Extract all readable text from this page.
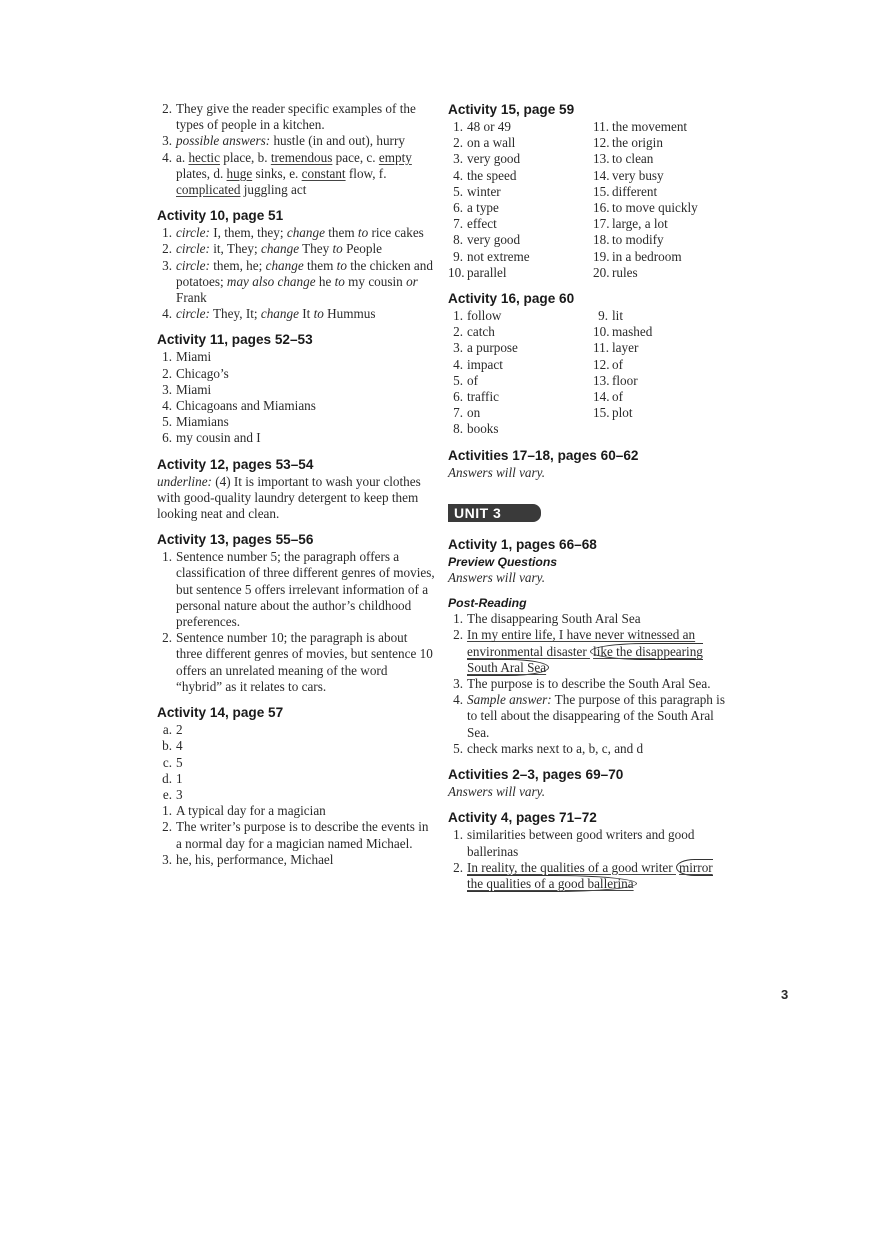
2. They give the reader specific examples of the types of people in a kitchen.
3. possible answers: hustle (in and out), hurry
4. a. hectic place, b. tremendous pace, c. empty plates, d. huge sinks, e. constant flow, f. complicated juggling act
Activity 10, page 51
1. circle: I, them, they; change them to rice cakes
2. circle: it, They; change They to People
3. circle: them, he; change them to the chicken and potatoes; may also change he to my cousin or Frank
4. circle: They, It; change It to Hummus
Activity 11, pages 52–53
1. Miami
2. Chicago’s
3. Miami
4. Chicagoans and Miamians
5. Miamians
6. my cousin and I
Activity 12, pages 53–54

underline: (4) It is important to wash your clothes with good-quality laundry detergent to keep them looking neat and clean.

Activity 13, pages 55–56
1. Sentence number 5; the paragraph offers a classification of three different genres of movies, but sentence 5 offers irrelevant information of a personal nature about the author’s childhood preferences.
2. Sentence number 10; the paragraph is about three different genres of movies, but sentence 10 offers an unrelated meaning of the word “hybrid” as it relates to cars.
Activity 14, page 57
a. 2
b. 4
c. 5
d. 1
e. 3
1. A typical day for a magician
2. The writer’s purpose is to describe the events in a normal day for a magician named Michael.
3. he, his, performance, Michael
Activity 15, page 59
1. 48 or 49	11. the movement
2. on a wall	12. the origin
3. very good	13. to clean
4. the speed	14. very busy
5. winter	15. different
6. a type	16. to move quickly
7. effect	17. large, a lot
8. very good	18. to modify
9. not extreme	19. in a bedroom
10. parallel	20. rules
Activity 16, page 60
1. follow	9. lit
2. catch	10. mashed
3. a purpose	11. layer
4. impact	12. of
5. of	13. floor
6. traffic	14. of
7. on	15. plot
8. books
Activities 17–18, pages 60–62

Answers will vary.

UNIT 3
Activity 1, pages 66–68
Preview Questions

Answers will vary.

Post-Reading
1. The disappearing South Aral Sea
2. In my entire life, I have never witnessed an environmental disaster like the disappearing South Aral Sea
3. The purpose is to describe the South Aral Sea.
4. Sample answer: The purpose of this paragraph is to tell about the disappearing of the South Aral Sea.
5. check marks next to a, b, c, and d
Activities 2–3, pages 69–70

Answers will vary.

Activity 4, pages 71–72
1. similarities between good writers and good ballerinas
2. In reality, the qualities of a good writer mirror the qualities of a good ballerina
3
